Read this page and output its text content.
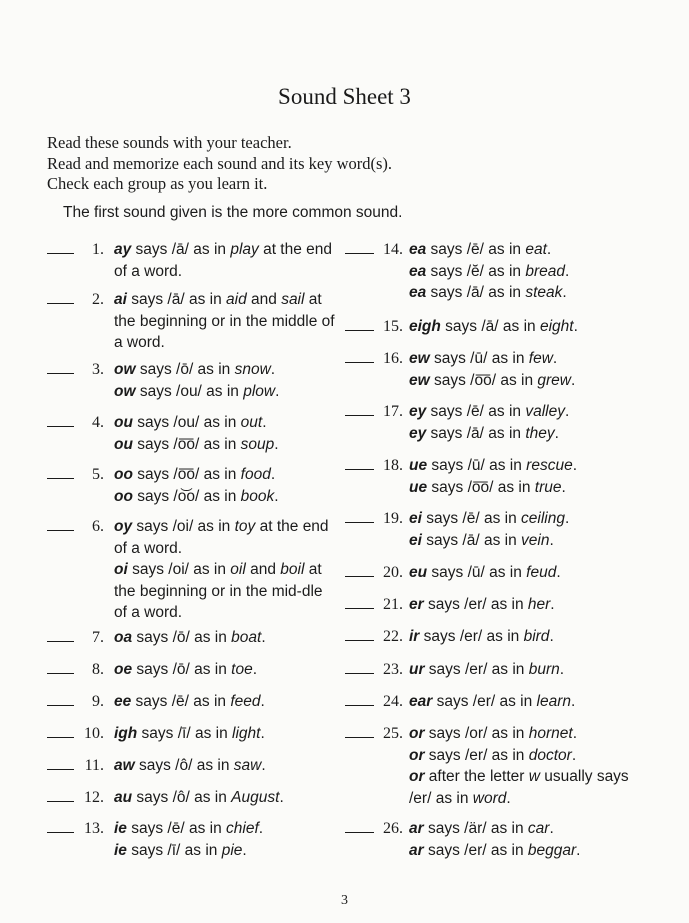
Sound Sheet 3
Read these sounds with your teacher.
Read and memorize each sound and its key word(s).
Check each group as you learn it.
The first sound given is the more common sound.
1. ay says /ā/ as in play at the end of a word.
2. ai says /ā/ as in aid and sail at the beginning or in the middle of a word.
3. ow says /ō/ as in snow.
ow says /ou/ as in plow.
4. ou says /ou/ as in out.
ou says /o͞o/ as in soup.
5. oo says /o͞o/ as in food.
oo says /o͝o/ as in book.
6. oy says /oi/ as in toy at the end of a word.
oi says /oi/ as in oil and boil at the beginning or in the mid-dle of a word.
7. oa says /ō/ as in boat.
8. oe says /ō/ as in toe.
9. ee says /ē/ as in feed.
10. igh says /ī/ as in light.
11. aw says /ô/ as in saw.
12. au says /ô/ as in August.
13. ie says /ē/ as in chief.
ie says /ī/ as in pie.
14. ea says /ē/ as in eat.
ea says /ĕ/ as in bread.
ea says /ā/ as in steak.
15. eigh says /ā/ as in eight.
16. ew says /ū/ as in few.
ew says /o͞o/ as in grew.
17. ey says /ē/ as in valley.
ey says /ā/ as in they.
18. ue says /ū/ as in rescue.
ue says /o͞o/ as in true.
19. ei says /ē/ as in ceiling.
ei says /ā/ as in vein.
20. eu says /ū/ as in feud.
21. er says /er/ as in her.
22. ir says /er/ as in bird.
23. ur says /er/ as in burn.
24. ear says /er/ as in learn.
25. or says /or/ as in hornet.
or says /er/ as in doctor.
or after the letter w usually says /er/ as in word.
26. ar says /är/ as in car.
ar says /er/ as in beggar.
3
